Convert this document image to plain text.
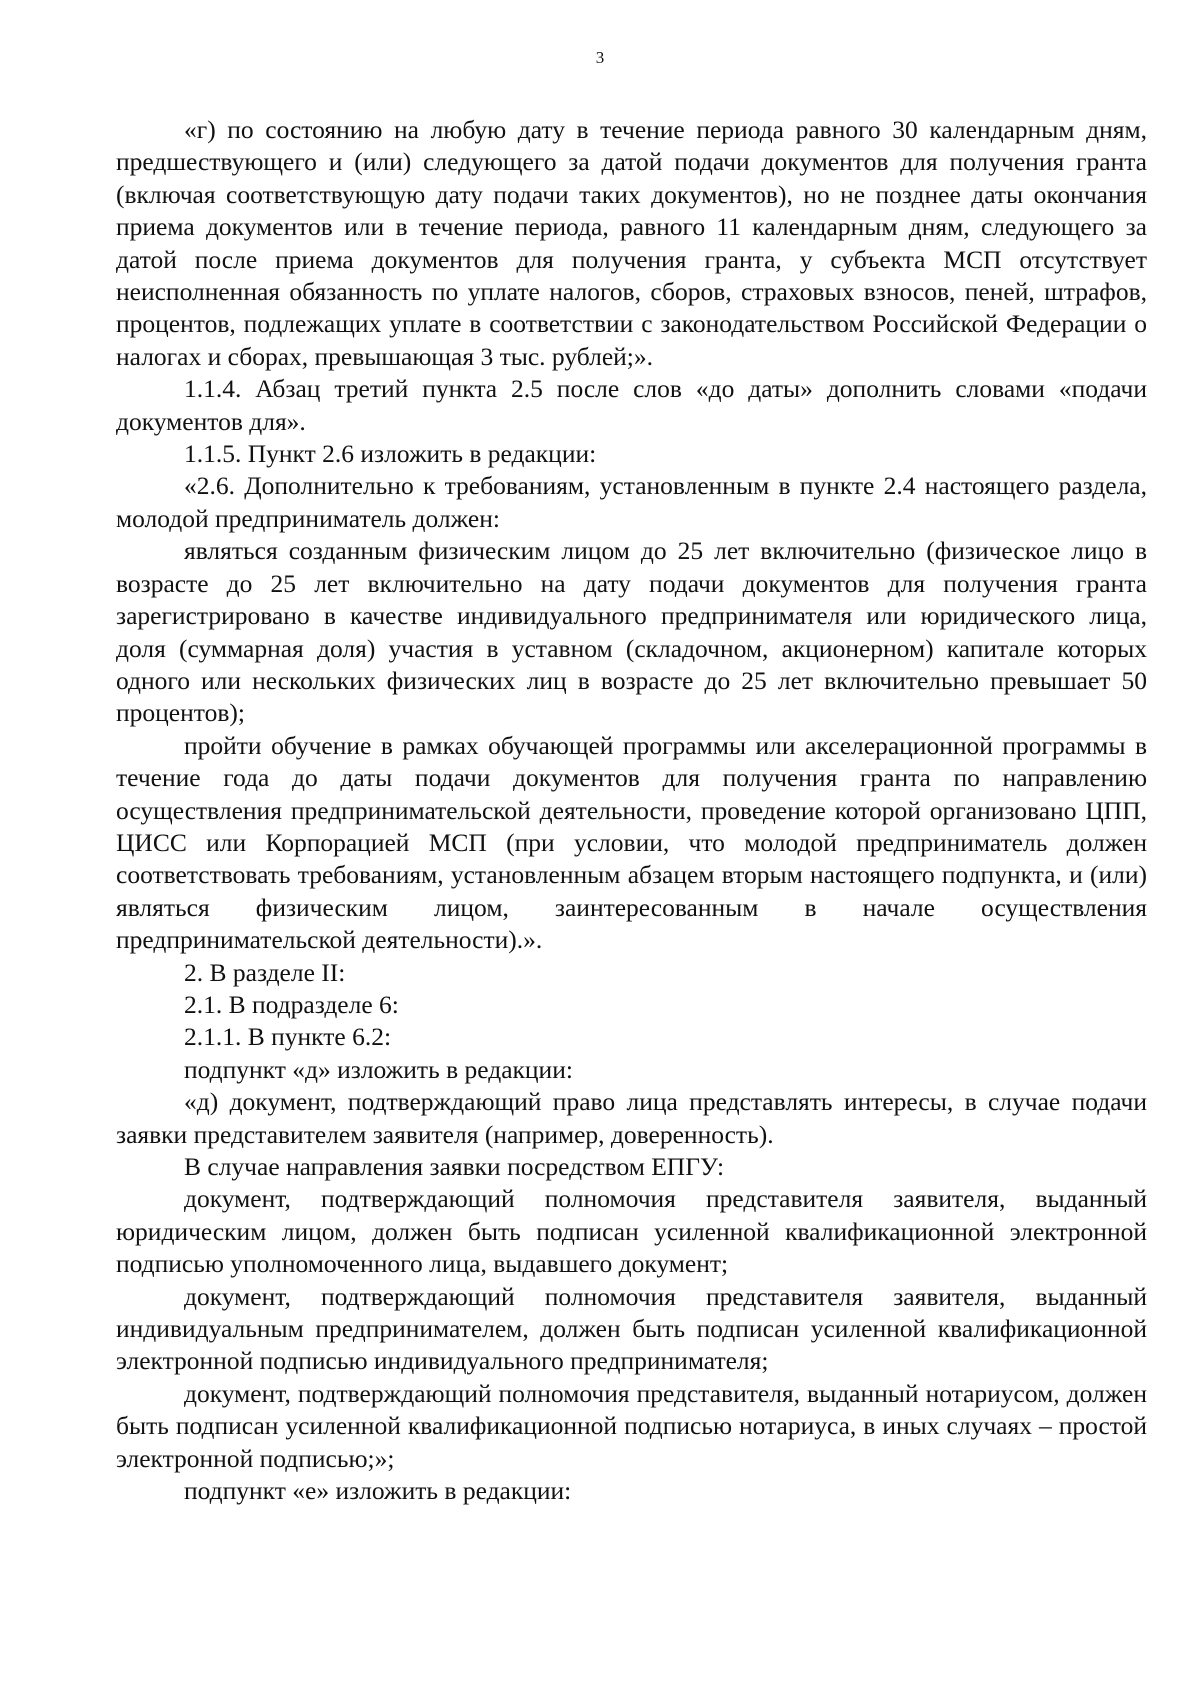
3

«г) по состоянию на любую дату в течение периода равного 30 календарным дням, предшествующего и (или) следующего за датой подачи документов для получения гранта (включая соответствующую дату подачи таких документов), но не позднее даты окончания приема документов или в течение периода, равного 11 календарным дням, следующего за датой после приема документов для получения гранта, у субъекта МСП отсутствует неисполненная обязанность по уплате налогов, сборов, страховых взносов, пеней, штрафов, процентов, подлежащих уплате в соответствии с законодательством Российской Федерации о налогах и сборах, превышающая 3 тыс. рублей;».

1.1.4. Абзац третий пункта 2.5 после слов «до даты» дополнить словами «подачи документов для».

1.1.5. Пункт 2.6 изложить в редакции:

«2.6. Дополнительно к требованиям, установленным в пункте 2.4 настоящего раздела, молодой предприниматель должен:

являться созданным физическим лицом до 25 лет включительно (физическое лицо в возрасте до 25 лет включительно на дату подачи документов для получения гранта зарегистрировано в качестве индивидуального предпринимателя или юридического лица, доля (суммарная доля) участия в уставном (складочном, акционерном) капитале которых одного или нескольких физических лиц в возрасте до 25 лет включительно превышает 50 процентов);

пройти обучение в рамках обучающей программы или акселерационной программы в течение года до даты подачи документов для получения гранта по направлению осуществления предпринимательской деятельности, проведение которой организовано ЦПП, ЦИСС или Корпорацией МСП (при условии, что молодой предприниматель должен соответствовать требованиям, установленным абзацем вторым настоящего подпункта, и (или) являться физическим лицом, заинтересованным в начале осуществления предпринимательской деятельности).».

2. В разделе II:

2.1. В подразделе 6:

2.1.1. В пункте 6.2:

подпункт «д» изложить в редакции:

«д) документ, подтверждающий право лица представлять интересы, в случае подачи заявки представителем заявителя (например, доверенность).

В случае направления заявки посредством ЕПГУ:

документ, подтверждающий полномочия представителя заявителя, выданный юридическим лицом, должен быть подписан усиленной квалификационной электронной подписью уполномоченного лица, выдавшего документ;

документ, подтверждающий полномочия представителя заявителя, выданный индивидуальным предпринимателем, должен быть подписан усиленной квалификационной электронной подписью индивидуального предпринимателя;

документ, подтверждающий полномочия представителя, выданный нотариусом, должен быть подписан усиленной квалификационной подписью нотариуса, в иных случаях – простой электронной подписью;»;

подпункт «е» изложить в редакции:
